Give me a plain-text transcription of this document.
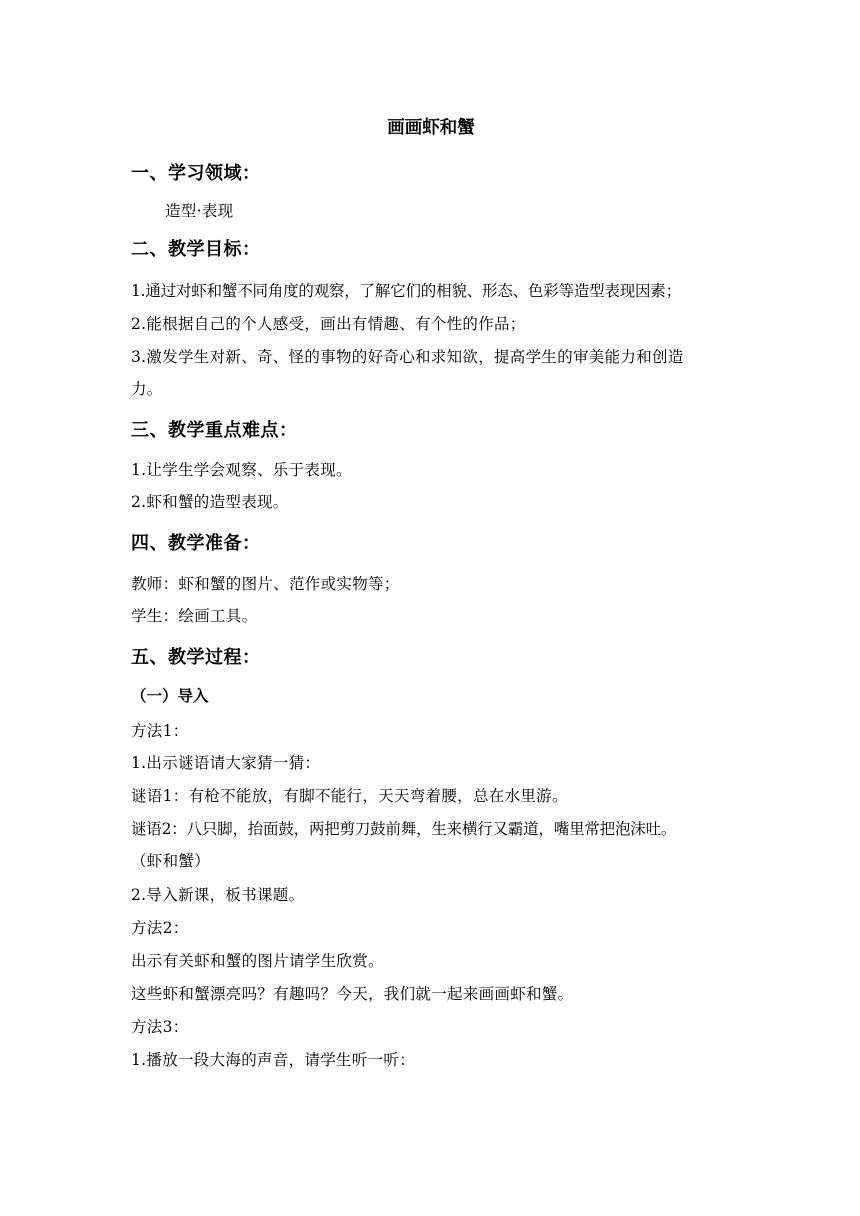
画画虾和蟹
一、学习领域：
造型·表现
二、教学目标：
1.通过对虾和蟹不同角度的观察，了解它们的相貌、形态、色彩等造型表现因素；
2.能根据自己的个人感受，画出有情趣、有个性的作品；
3.激发学生对新、奇、怪的事物的好奇心和求知欲，提高学生的审美能力和创造
力。
三、教学重点难点：
1.让学生学会观察、乐于表现。
2.虾和蟹的造型表现。
四、教学准备：
教师：虾和蟹的图片、范作或实物等；
学生：绘画工具。
五、教学过程：
（一）导入
方法1：
1.出示谜语请大家猜一猜：
谜语1：有枪不能放，有脚不能行，天天弯着腰，总在水里游。
谜语2：八只脚，抬面鼓，两把剪刀鼓前舞，生来横行又霸道，嘴里常把泡沫吐。
（虾和蟹）
2.导入新课，板书课题。
方法2：
出示有关虾和蟹的图片请学生欣赏。
这些虾和蟹漂亮吗？有趣吗？今天，我们就一起来画画虾和蟹。
方法3：
1.播放一段大海的声音，请学生听一听：
